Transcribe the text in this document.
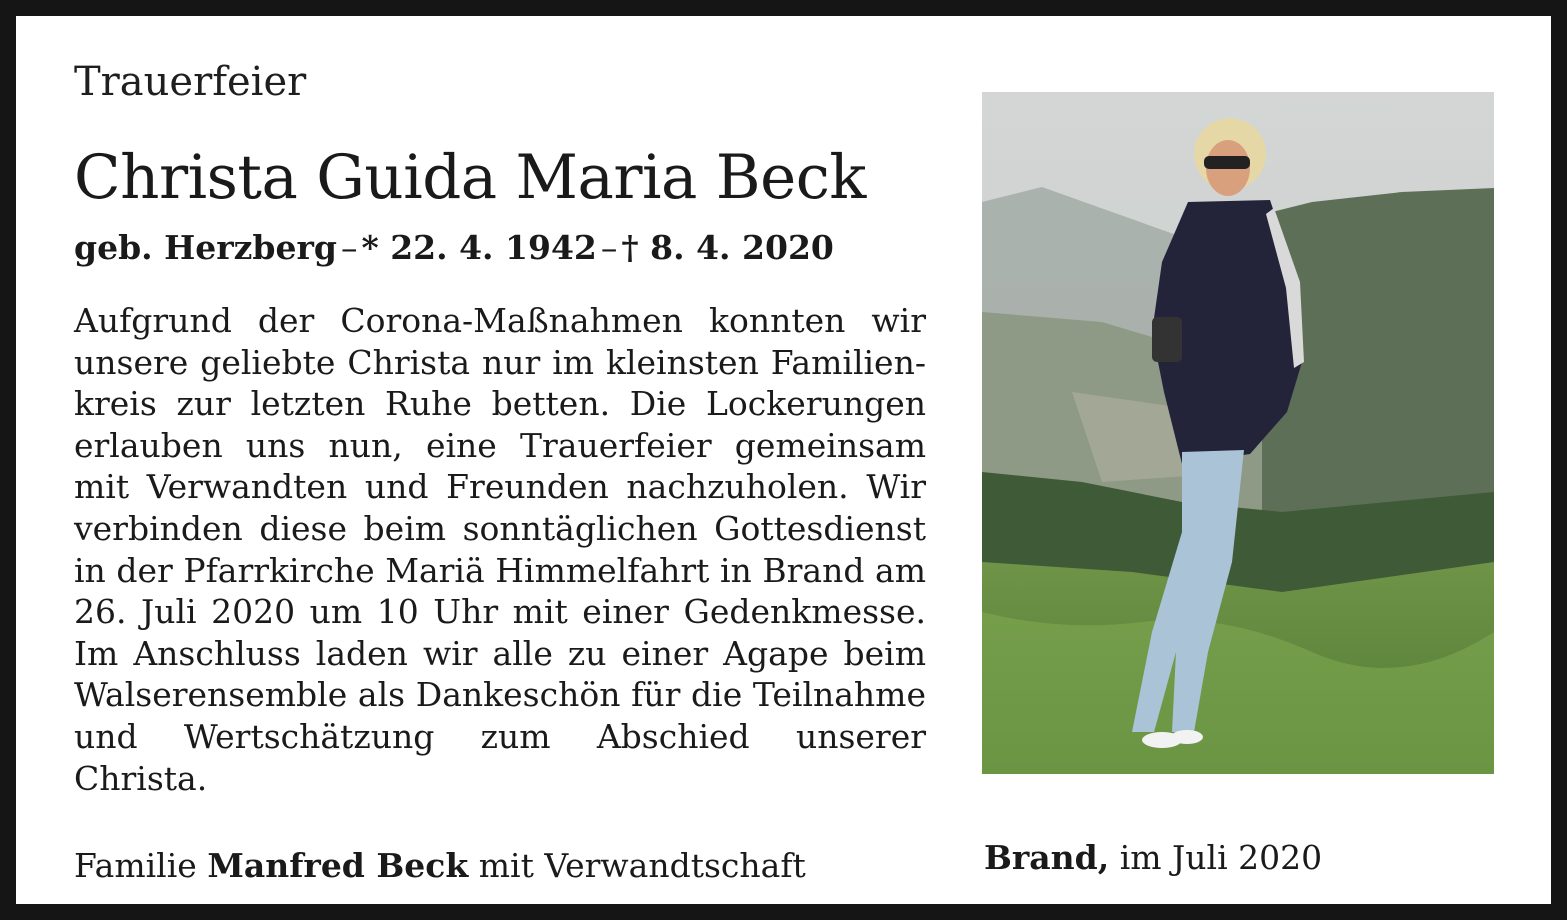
Trauerfeier
Christa Guida Maria Beck
geb. Herzberg – * 22. 4. 1942 – † 8. 4. 2020

Aufgrund der Corona-Maßnahmen konnten wir unsere geliebte Christa nur im kleinsten Familienkreis zur letzten Ruhe betten. Die Lockerungen erlauben uns nun, eine Trauerfeier gemeinsam mit Verwandten und Freunden nachzuholen. Wir verbinden diese beim sonntäglichen Gottesdienst in der Pfarrkirche Mariä Himmelfahrt in Brand am 26. Juli 2020 um 10 Uhr mit einer Gedenkmesse. Im Anschluss laden wir alle zu einer Agape beim Walserensemble als Dankeschön für die Teilnahme und Wertschätzung zum Abschied unserer Christa.

Familie Manfred Beck mit Verwandtschaft	Brand, im Juli 2020
